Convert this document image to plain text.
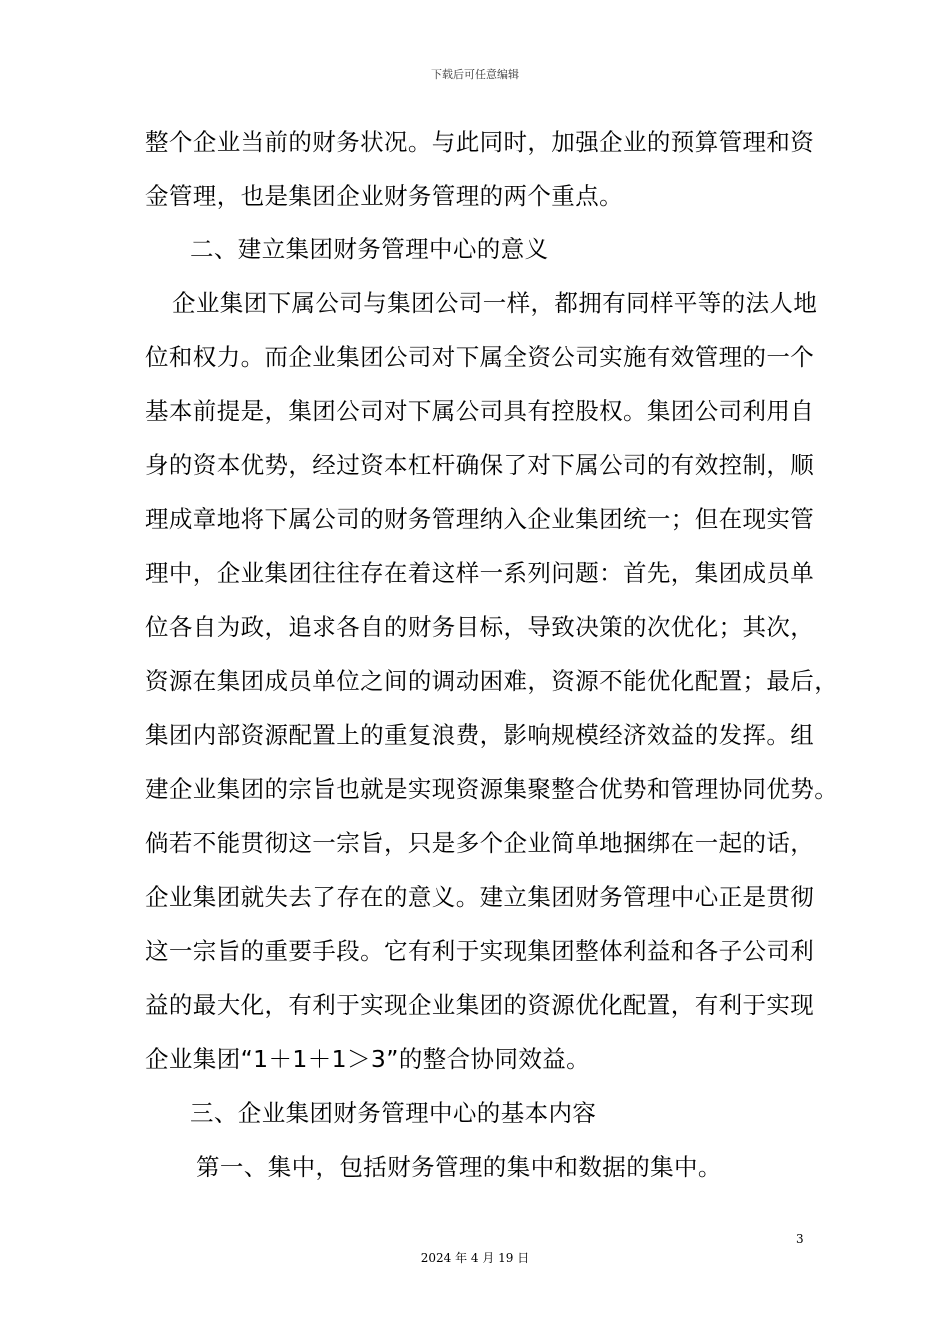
下载后可任意编辑
整个企业当前的财务状况。与此同时，加强企业的预算管理和资
金管理，也是集团企业财务管理的两个重点。
二、建立集团财务管理中心的意义
企业集团下属公司与集团公司一样，都拥有同样平等的法人地
位和权力。而企业集团公司对下属全资公司实施有效管理的一个
基本前提是，集团公司对下属公司具有控股权。集团公司利用自
身的资本优势，经过资本杠杆确保了对下属公司的有效控制，顺
理成章地将下属公司的财务管理纳入企业集团统一；但在现实管
理中，企业集团往往存在着这样一系列问题：首先，集团成员单
位各自为政，追求各自的财务目标，导致决策的次优化；其次，
资源在集团成员单位之间的调动困难，资源不能优化配置；最后，
集团内部资源配置上的重复浪费，影响规模经济效益的发挥。组
建企业集团的宗旨也就是实现资源集聚整合优势和管理协同优势。
倘若不能贯彻这一宗旨，只是多个企业简单地捆绑在一起的话，
企业集团就失去了存在的意义。建立集团财务管理中心正是贯彻
这一宗旨的重要手段。它有利于实现集团整体利益和各子公司利
益的最大化，有利于实现企业集团的资源优化配置，有利于实现
企业集团“1＋1＋1＞3”的整合协同效益。
三、企业集团财务管理中心的基本内容
第一、集中，包括财务管理的集中和数据的集中。
3
2024 年 4 月 19 日
